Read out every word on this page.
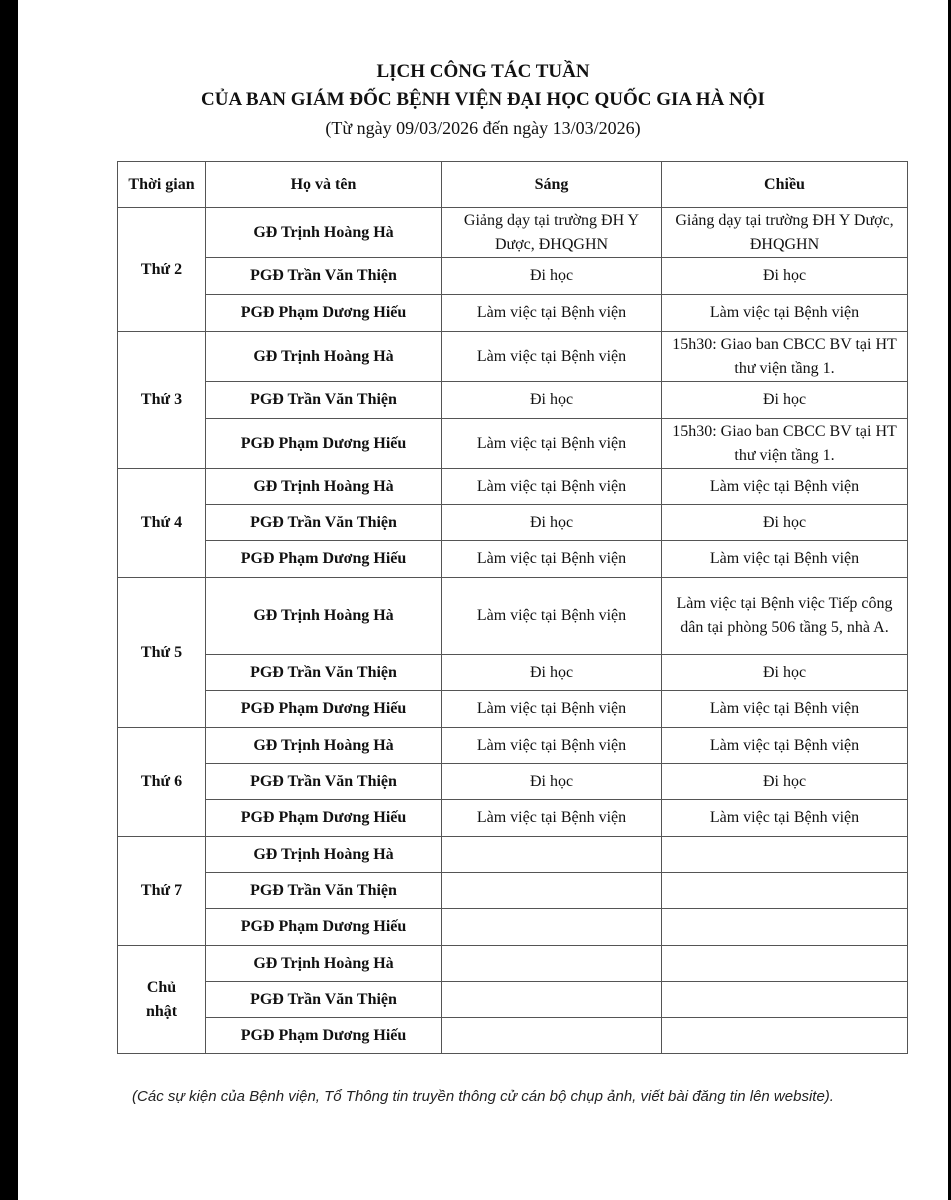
LỊCH CÔNG TÁC TUẦN
CỦA BAN GIÁM ĐỐC BỆNH VIỆN ĐẠI HỌC QUỐC GIA HÀ NỘI
(Từ ngày 09/03/2026 đến ngày 13/03/2026)
Thời gian	Họ và tên	Sáng	Chiều
Thứ 2	GĐ Trịnh Hoàng Hà	Giảng dạy tại trường ĐH Y Dược, ĐHQGHN	Giảng dạy tại trường ĐH Y Dược, ĐHQGHN
	PGĐ Trần Văn Thiện	Đi học	Đi học
	PGĐ Phạm Dương Hiếu	Làm việc tại Bệnh viện	Làm việc tại Bệnh viện
Thứ 3	GĐ Trịnh Hoàng Hà	Làm việc tại Bệnh viện	15h30: Giao ban CBCC BV tại HT thư viện tầng 1.
	PGĐ Trần Văn Thiện	Đi học	Đi học
	PGĐ Phạm Dương Hiếu	Làm việc tại Bệnh viện	15h30: Giao ban CBCC BV tại HT thư viện tầng 1.
Thứ 4	GĐ Trịnh Hoàng Hà	Làm việc tại Bệnh viện	Làm việc tại Bệnh viện
	PGĐ Trần Văn Thiện	Đi học	Đi học
	PGĐ Phạm Dương Hiếu	Làm việc tại Bệnh viện	Làm việc tại Bệnh viện
Thứ 5	GĐ Trịnh Hoàng Hà	Làm việc tại Bệnh viện	Làm việc tại Bệnh việc Tiếp công dân tại phòng 506 tầng 5, nhà A.
	PGĐ Trần Văn Thiện	Đi học	Đi học
	PGĐ Phạm Dương Hiếu	Làm việc tại Bệnh viện	Làm việc tại Bệnh viện
Thứ 6	GĐ Trịnh Hoàng Hà	Làm việc tại Bệnh viện	Làm việc tại Bệnh viện
	PGĐ Trần Văn Thiện	Đi học	Đi học
	PGĐ Phạm Dương Hiếu	Làm việc tại Bệnh viện	Làm việc tại Bệnh viện
Thứ 7	GĐ Trịnh Hoàng Hà		
	PGĐ Trần Văn Thiện		
	PGĐ Phạm Dương Hiếu		
Chủ nhật	GĐ Trịnh Hoàng Hà		
	PGĐ Trần Văn Thiện		
	PGĐ Phạm Dương Hiếu		
(Các sự kiện của Bệnh viện, Tổ Thông tin truyền thông cử cán bộ chụp ảnh, viết bài đăng tin lên website).
